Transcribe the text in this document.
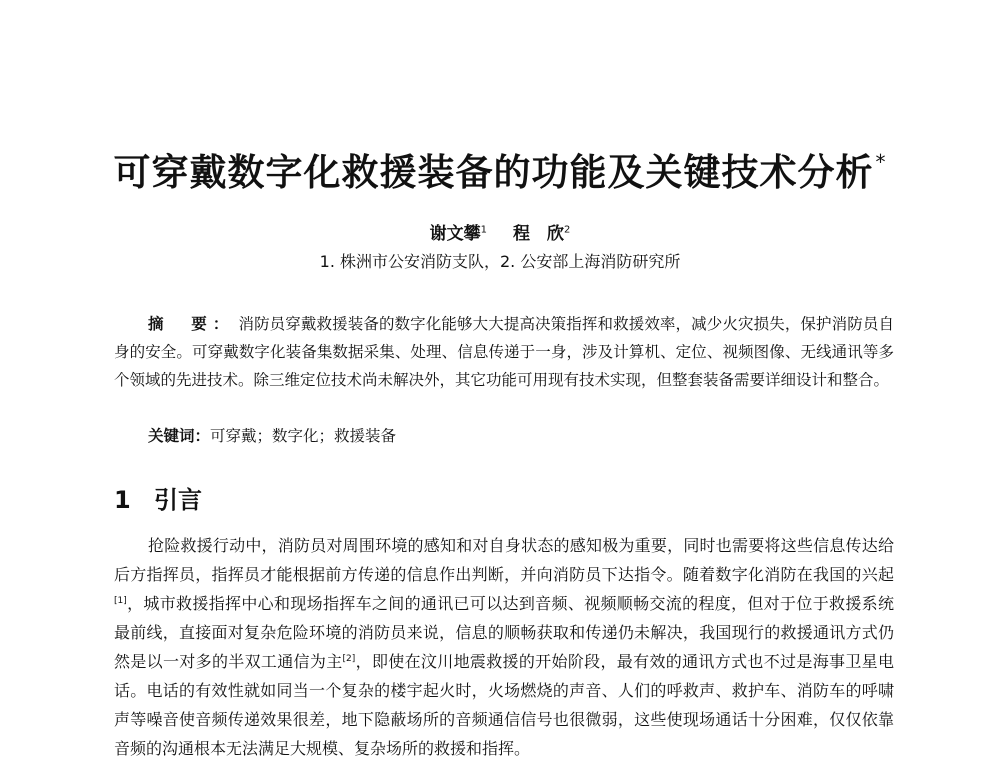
可穿戴数字化救援装备的功能及关键技术分析 *
谢文攀$^1$ 程　欣$^2$
1. 株洲市公安消防支队，2. 公安部上海消防研究所
摘　要： 消防员穿戴救援装备的数字化能够大大提高决策指挥和救援效率，减少火灾损失，保护消防员自身的安全。可穿戴数字化装备集数据采集、处理、信息传递于一身，涉及计算机、定位、视频图像、无线通讯等多个领域的先进技术。除三维定位技术尚未解决外，其它功能可用现有技术实现，但整套装备需要详细设计和整合。
关键词：可穿戴；数字化；救援装备
1 引言
抢险救援行动中，消防员对周围环境的感知和对自身状态的感知极为重要，同时也需要将这些信息传达给后方指挥员，指挥员才能根据前方传递的信息作出判断，并向消防员下达指令。随着数字化消防在我国的兴起[1]，城市救援指挥中心和现场指挥车之间的通讯已可以达到音频、视频顺畅交流的程度，但对于位于救援系统最前线，直接面对复杂危险环境的消防员来说，信息的顺畅获取和传递仍未解决，我国现行的救援通讯方式仍然是以一对多的半双工通信为主[2]，即使在汶川地震救援的开始阶段，最有效的通讯方式也不过是海事卫星电话。电话的有效性就如同当一个复杂的楼宇起火时，火场燃烧的声音、人们的呼救声、救护车、消防车的呼啸声等噪音使音频传递效果很差，地下隐蔽场所的音频通信信号也很微弱，这些使现场通话十分困难，仅仅依靠音频的沟通根本无法满足大规模、复杂场所的救援和指挥。
